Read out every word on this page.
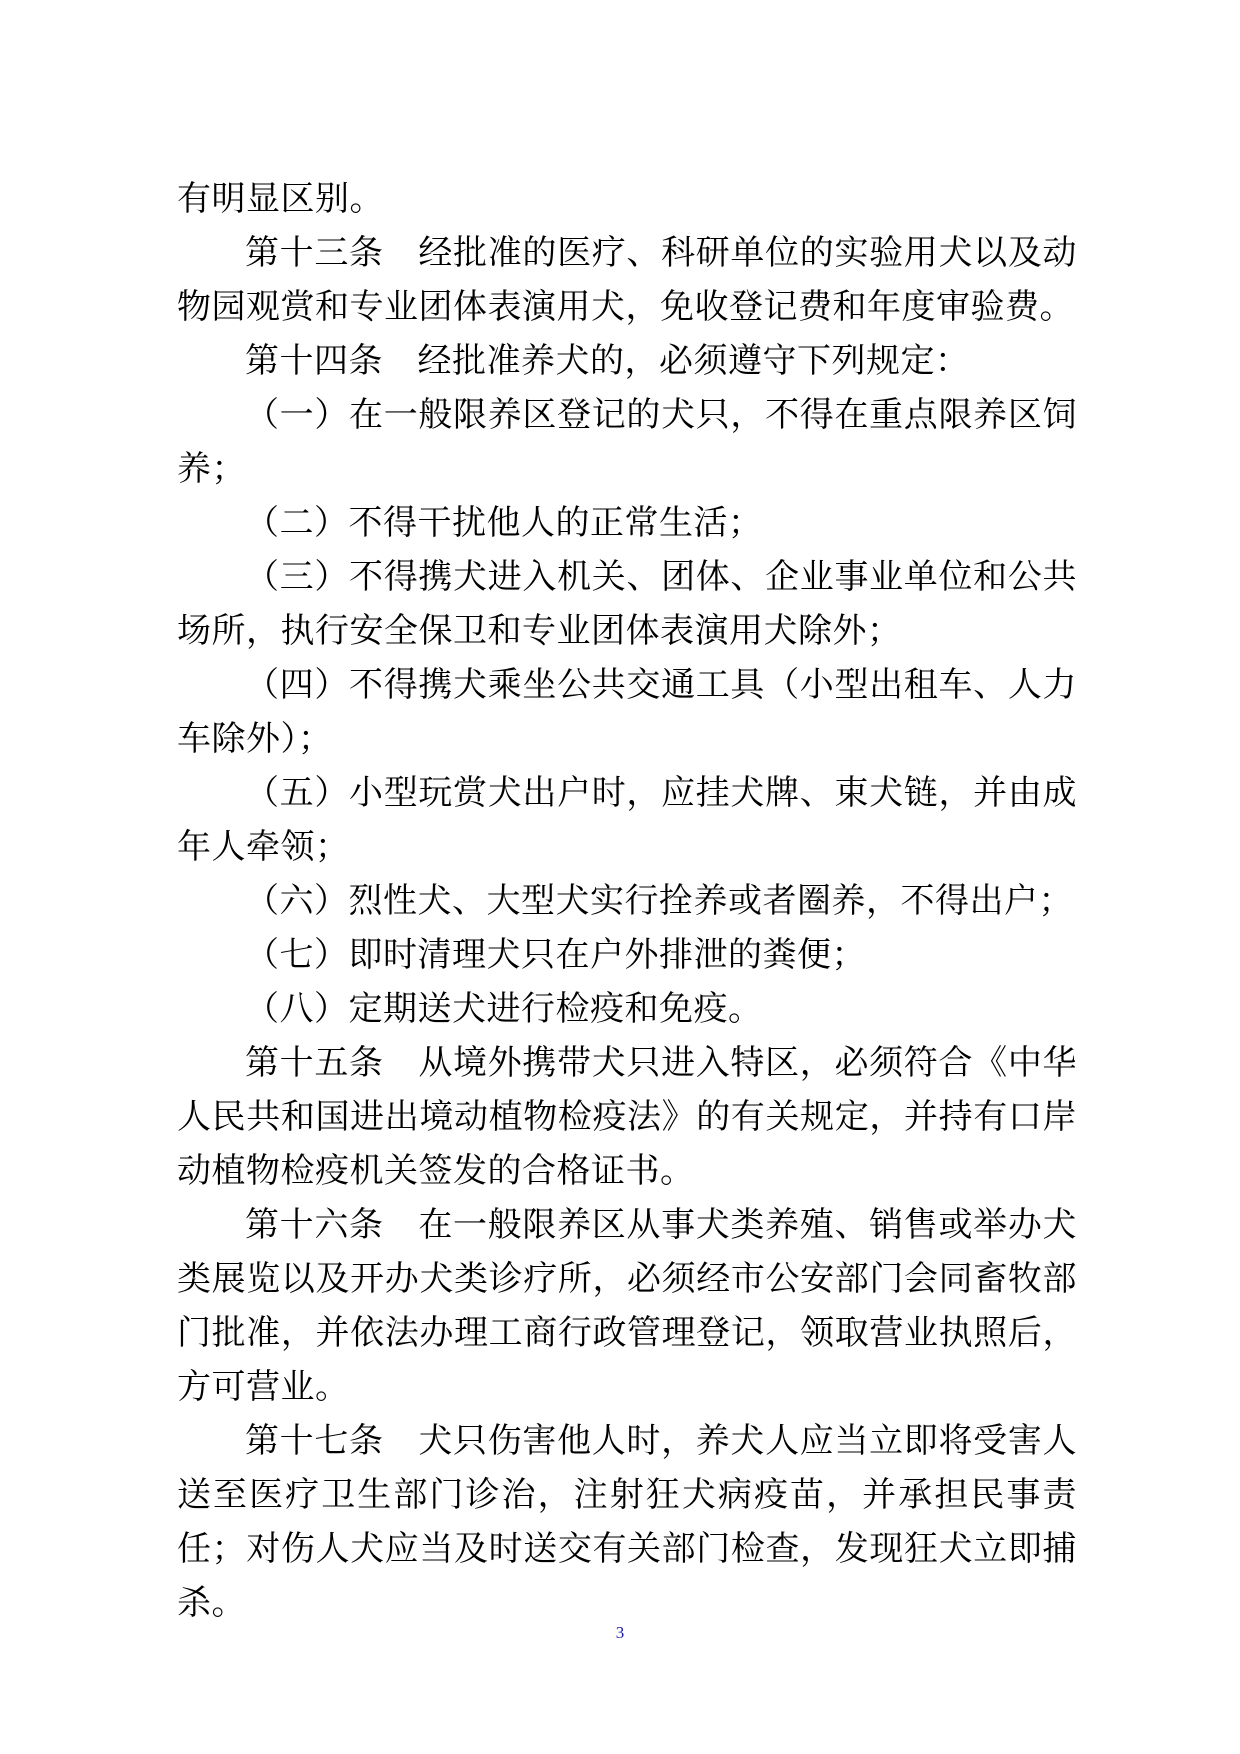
有明显区别。

第十三条　经批准的医疗、科研单位的实验用犬以及动物园观赏和专业团体表演用犬，免收登记费和年度审验费。

第十四条　经批准养犬的，必须遵守下列规定：

（一）在一般限养区登记的犬只，不得在重点限养区饲养；

（二）不得干扰他人的正常生活；

（三）不得携犬进入机关、团体、企业事业单位和公共场所，执行安全保卫和专业团体表演用犬除外；

（四）不得携犬乘坐公共交通工具（小型出租车、人力车除外）；

（五）小型玩赏犬出户时，应挂犬牌、束犬链，并由成年人牵领；

（六）烈性犬、大型犬实行拴养或者圈养，不得出户；

（七）即时清理犬只在户外排泄的粪便；

（八）定期送犬进行检疫和免疫。

第十五条　从境外携带犬只进入特区，必须符合《中华人民共和国进出境动植物检疫法》的有关规定，并持有口岸动植物检疫机关签发的合格证书。

第十六条　在一般限养区从事犬类养殖、销售或举办犬类展览以及开办犬类诊疗所，必须经市公安部门会同畜牧部门批准，并依法办理工商行政管理登记，领取营业执照后，方可营业。

第十七条　犬只伤害他人时，养犬人应当立即将受害人送至医疗卫生部门诊治，注射狂犬病疫苗，并承担民事责任；对伤人犬应当及时送交有关部门检查，发现狂犬立即捕杀。

3
